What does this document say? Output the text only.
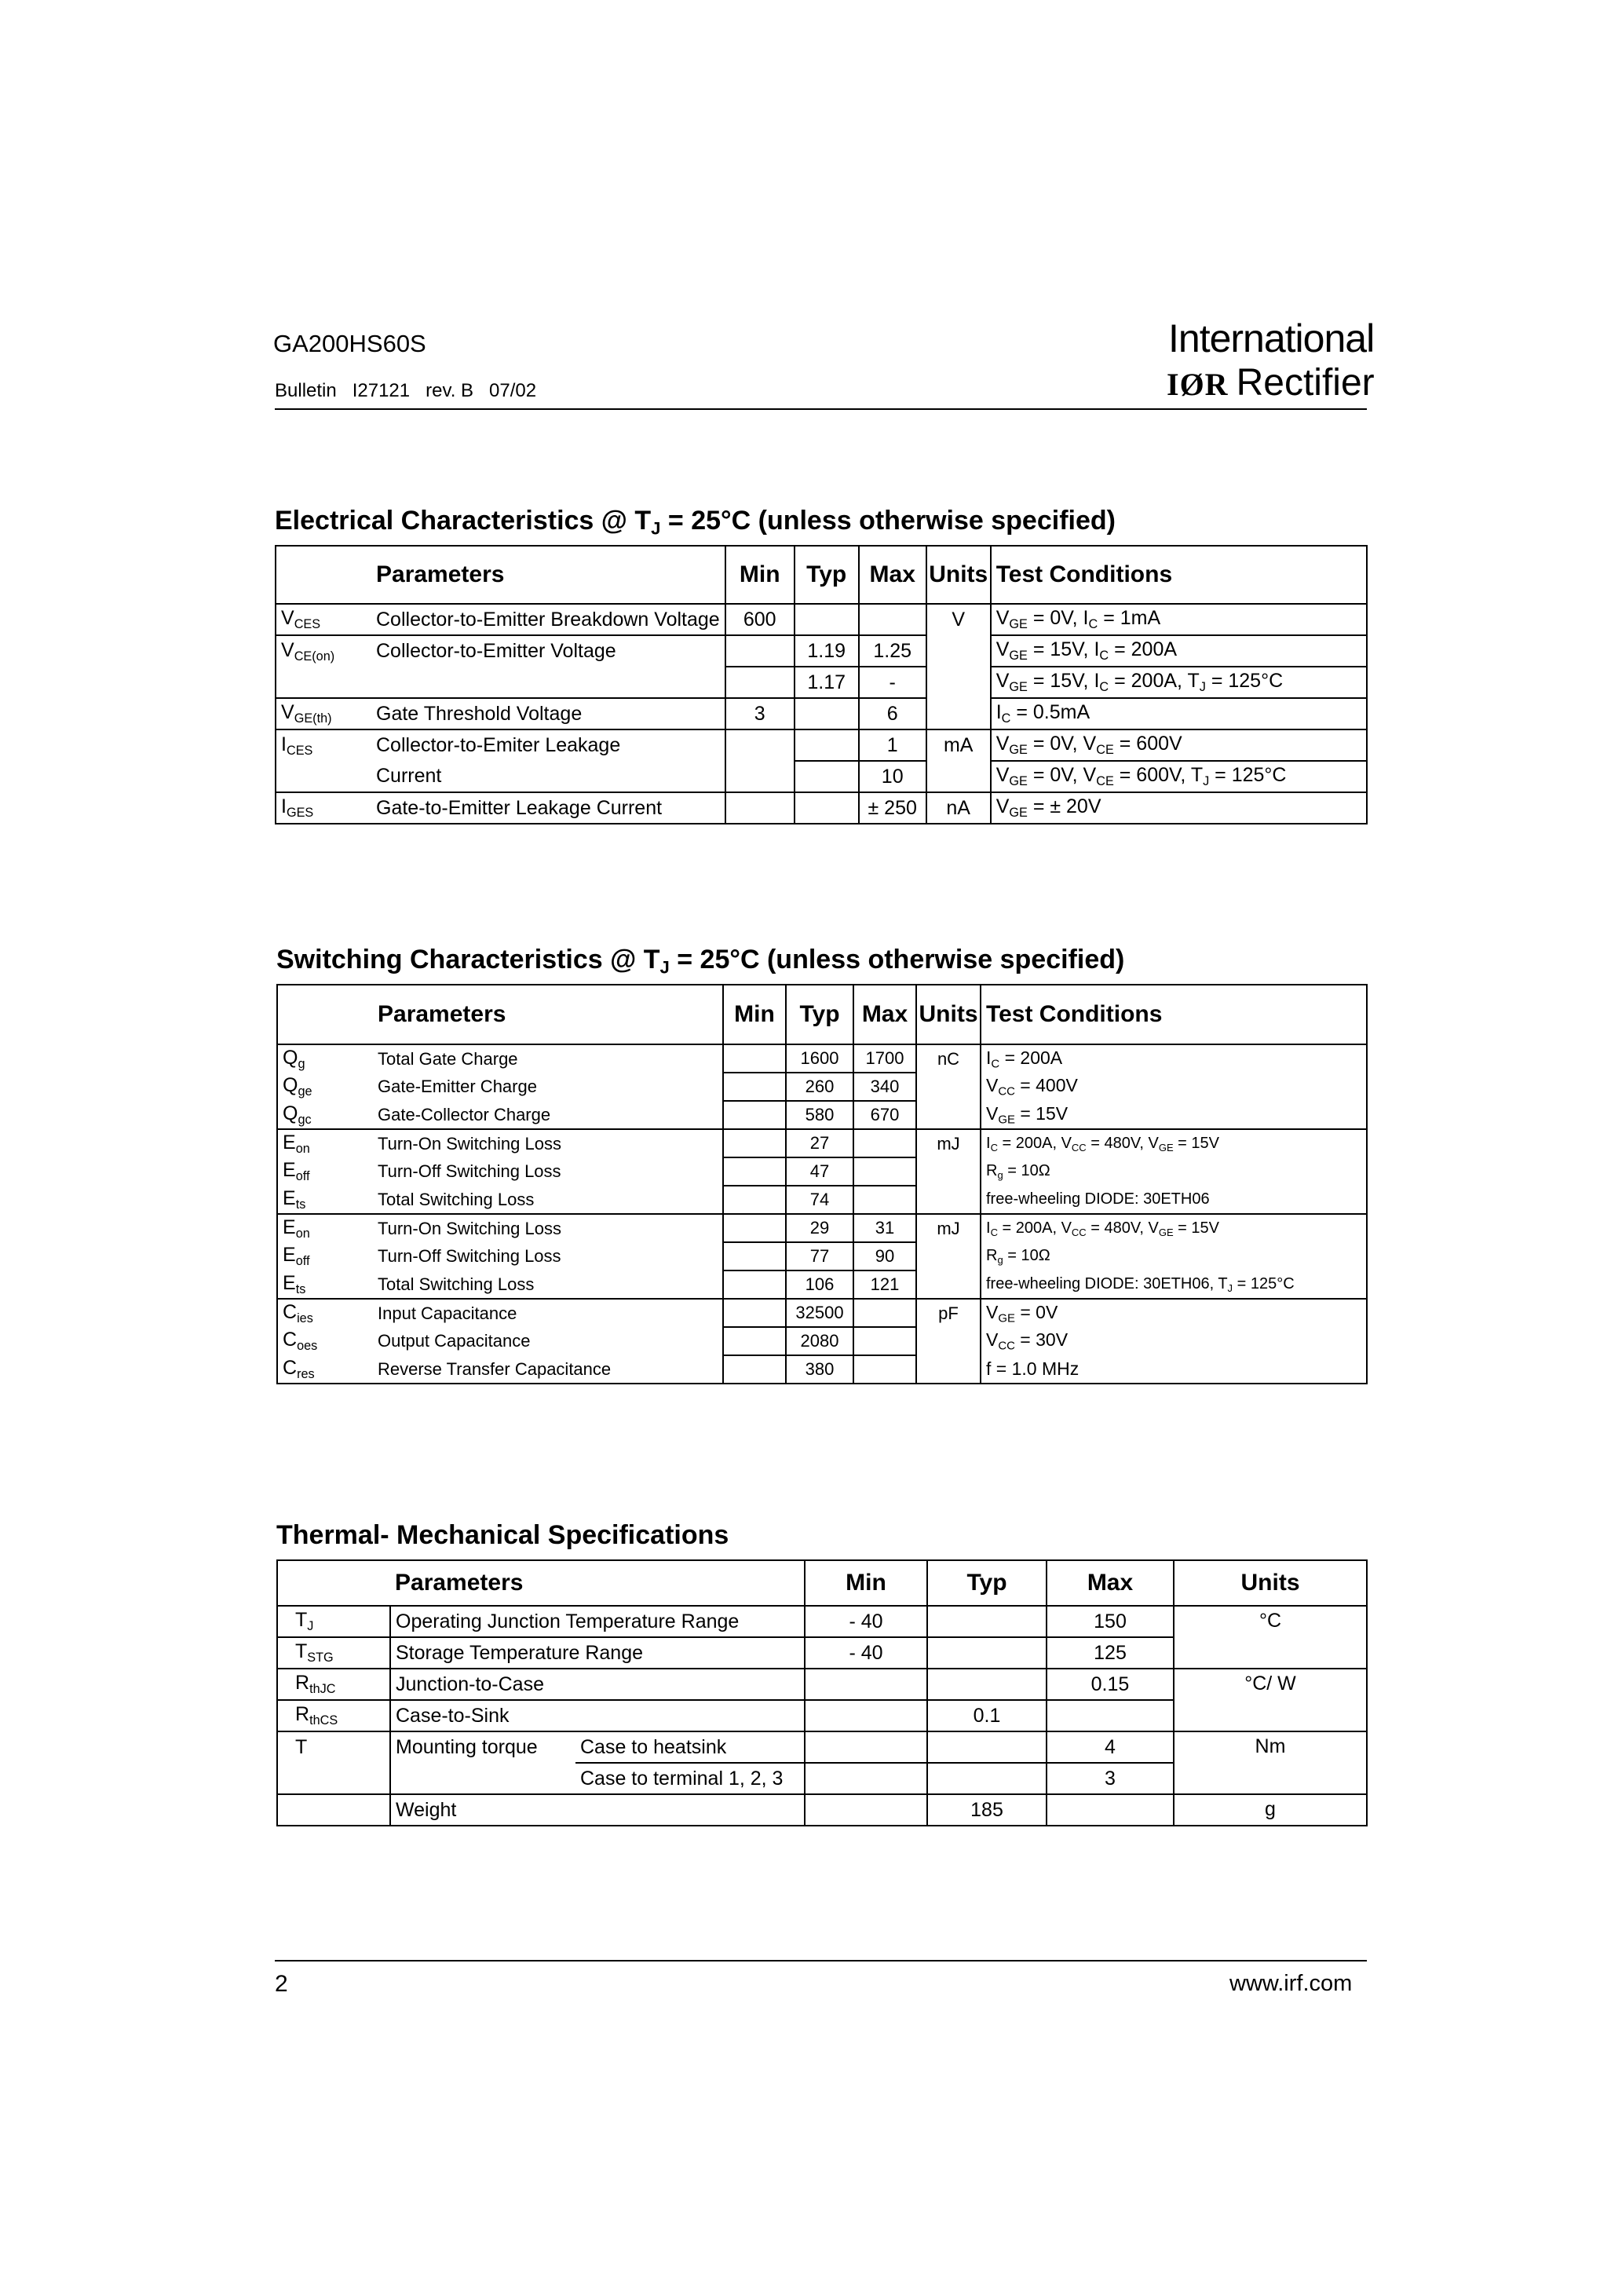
GA200HS60S
Bulletin   I27121   rev. B   07/02
International
IØR Rectifier
Electrical Characteristics @ $T_J = 25^\circ C$ (unless otherwise specified)
	Parameters	Min	Typ	Max	Units	Test Conditions
$V_{CES}$	Collector-to-Emitter Breakdown Voltage	600			V	$V_{GE} = 0V$, $I_C = 1mA$
$V_{CE(on)}$	Collector-to-Emitter Voltage		1.19	1.25		$V_{GE} = 15V$, $I_C = 200A$
			1.17	-		$V_{GE} = 15V$, $I_C = 200A$, $T_J = 125^\circ C$
$V_{GE(th)}$	Gate Threshold Voltage	3		6		$I_C = 0.5mA$
$I_{CES}$	Collector-to-Emiter Leakage			1	mA	$V_{GE} = 0V$, $V_{CE} = 600V$
	Current			10		$V_{GE} = 0V$, $V_{CE} = 600V$, $T_J = 125^\circ C$
$I_{GES}$	Gate-to-Emitter Leakage Current			± 250	nA	$V_{GE}$ = ± 20V
Switching Characteristics @ $T_J = 25^\circ C$ (unless otherwise specified)
	Parameters	Min	Typ	Max	Units	Test Conditions
$Q_g$	Total Gate Charge		1600	1700	nC	$I_C = 200A$
$Q_{ge}$	Gate-Emitter Charge		260	340		$V_{CC} = 400V$
$Q_{gc}$	Gate-Collector Charge		580	670		$V_{GE} = 15V$
$E_{on}$	Turn-On Switching Loss		27		mJ	$I_C = 200A$, $V_{CC} = 480V$, $V_{GE} = 15V$
$E_{off}$	Turn-Off Switching Loss		47			$R_g = 10\Omega$
$E_{ts}$	Total Switching Loss		74			free-wheeling DIODE: 30ETH06
$E_{on}$	Turn-On Switching Loss		29	31	mJ	$I_C = 200A$, $V_{CC} = 480V$, $V_{GE} = 15V$
$E_{off}$	Turn-Off Switching Loss		77	90		$R_g = 10\Omega$
$E_{ts}$	Total Switching Loss		106	121		free-wheeling DIODE: 30ETH06, $T_J = 125^\circ C$
$C_{ies}$	Input Capacitance		32500		pF	$V_{GE} = 0V$
$C_{oes}$	Output Capacitance		2080			$V_{CC} = 30V$
$C_{res}$	Reverse Transfer Capacitance		380			f = 1.0 MHz
Thermal- Mechanical Specifications
	Parameters		Min	Typ	Max	Units
$T_J$	Operating Junction Temperature Range		- 40		150	°C
$T_{STG}$	Storage Temperature Range		- 40		125	
$R_{thJC}$	Junction-to-Case				0.15	°C/ W
$R_{thCS}$	Case-to-Sink			0.1		
T	Mounting torque	Case to heatsink			4	Nm
		Case to terminal 1, 2, 3			3	
	Weight			185		g
2	www.irf.com
